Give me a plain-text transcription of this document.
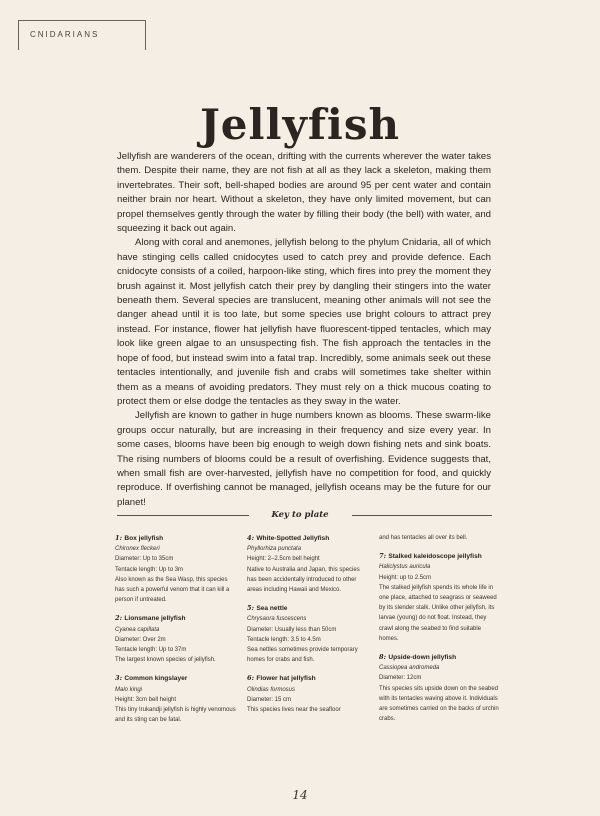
CNIDARIANS
Jellyfish

Jellyfish are wanderers of the ocean, drifting with the currents wherever the water takes them. Despite their name, they are not fish at all as they lack a skeleton, making them invertebrates. Their soft, bell-shaped bodies are around 95 per cent water and contain neither brain nor heart. Without a skeleton, they have only limited movement, but can propel themselves gently through the water by filling their body (the bell) with water, and squeezing it back out again.

Along with coral and anemones, jellyfish belong to the phylum Cnidaria, all of which have stinging cells called cnidocytes used to catch prey and provide defence. Each cnidocyte consists of a coiled, harpoon-like sting, which fires into prey the moment they brush against it. Most jellyfish catch their prey by dangling their stingers into the water beneath them. Several species are translucent, meaning other animals will not see the danger ahead until it is too late, but some species use bright colours to attract prey instead. For instance, flower hat jellyfish have fluorescent-tipped tentacles, which may look like green algae to an unsuspecting fish. The fish approach the tentacles in the hope of food, but instead swim into a fatal trap. Incredibly, some animals seek out these tentacles intentionally, and juvenile fish and crabs will sometimes take shelter within them as a means of avoiding predators. They must rely on a thick mucous coating to protect them or else dodge the tentacles as they sway in the water.

Jellyfish are known to gather in huge numbers known as blooms. These swarm-like groups occur naturally, but are increasing in their frequency and size every year. In some cases, blooms have been big enough to weigh down fishing nets and sink boats. The rising numbers of blooms could be a result of overfishing. Evidence suggests that, when small fish are over-harvested, jellyfish have no competition for food, and quickly reproduce. If overfishing cannot be managed, jellyfish oceans may be the future for our planet!

Key to plate
1: Box jellyfish
Chironex fleckeri
Diameter: Up to 35cm
Tentacle length: Up to 3m
Also known as the Sea Wasp, this species has such a powerful venom that it can kill a person if untreated.
2: Lionsmane jellyfish
Cyanea capillata
Diameter: Over 2m
Tentacle length: Up to 37m
The largest known species of jellyfish.
3: Common kingslayer
Malo kingi
Height: 3cm bell height
This tiny Irukandji jellyfish is highly venomous and its sting can be fatal.
4: White-Spotted Jellyfish
Phyllorhiza punctata
Height: 2–2.5cm bell height
Native to Australia and Japan, this species has been accidentally introduced to other areas including Hawaii and Mexico.
5: Sea nettle
Chrysaora fuscescens
Diameter: Usually less than 50cm
Tentacle length: 3.5 to 4.5m
Sea nettles sometimes provide temporary homes for crabs and fish.
6: Flower hat jellyfish
Olindias formosus
Diameter: 15 cm
This species lives near the seafloor
and has tentacles all over its bell.
7: Stalked kaleidoscope jellyfish
Haliclystus auricula
Height: up to 2.5cm
The stalked jellyfish spends its whole life in one place, attached to seagrass or seaweed by its slender stalk. Unlike other jellyfish, its larvae (young) do not float. Instead, they crawl along the seabed to find suitable homes.
8: Upside-down jellyfish
Cassiopea andromeda
Diameter: 12cm
This species sits upside down on the seabed with its tentacles waving above it. Individuals are sometimes carried on the backs of urchin crabs.
14
